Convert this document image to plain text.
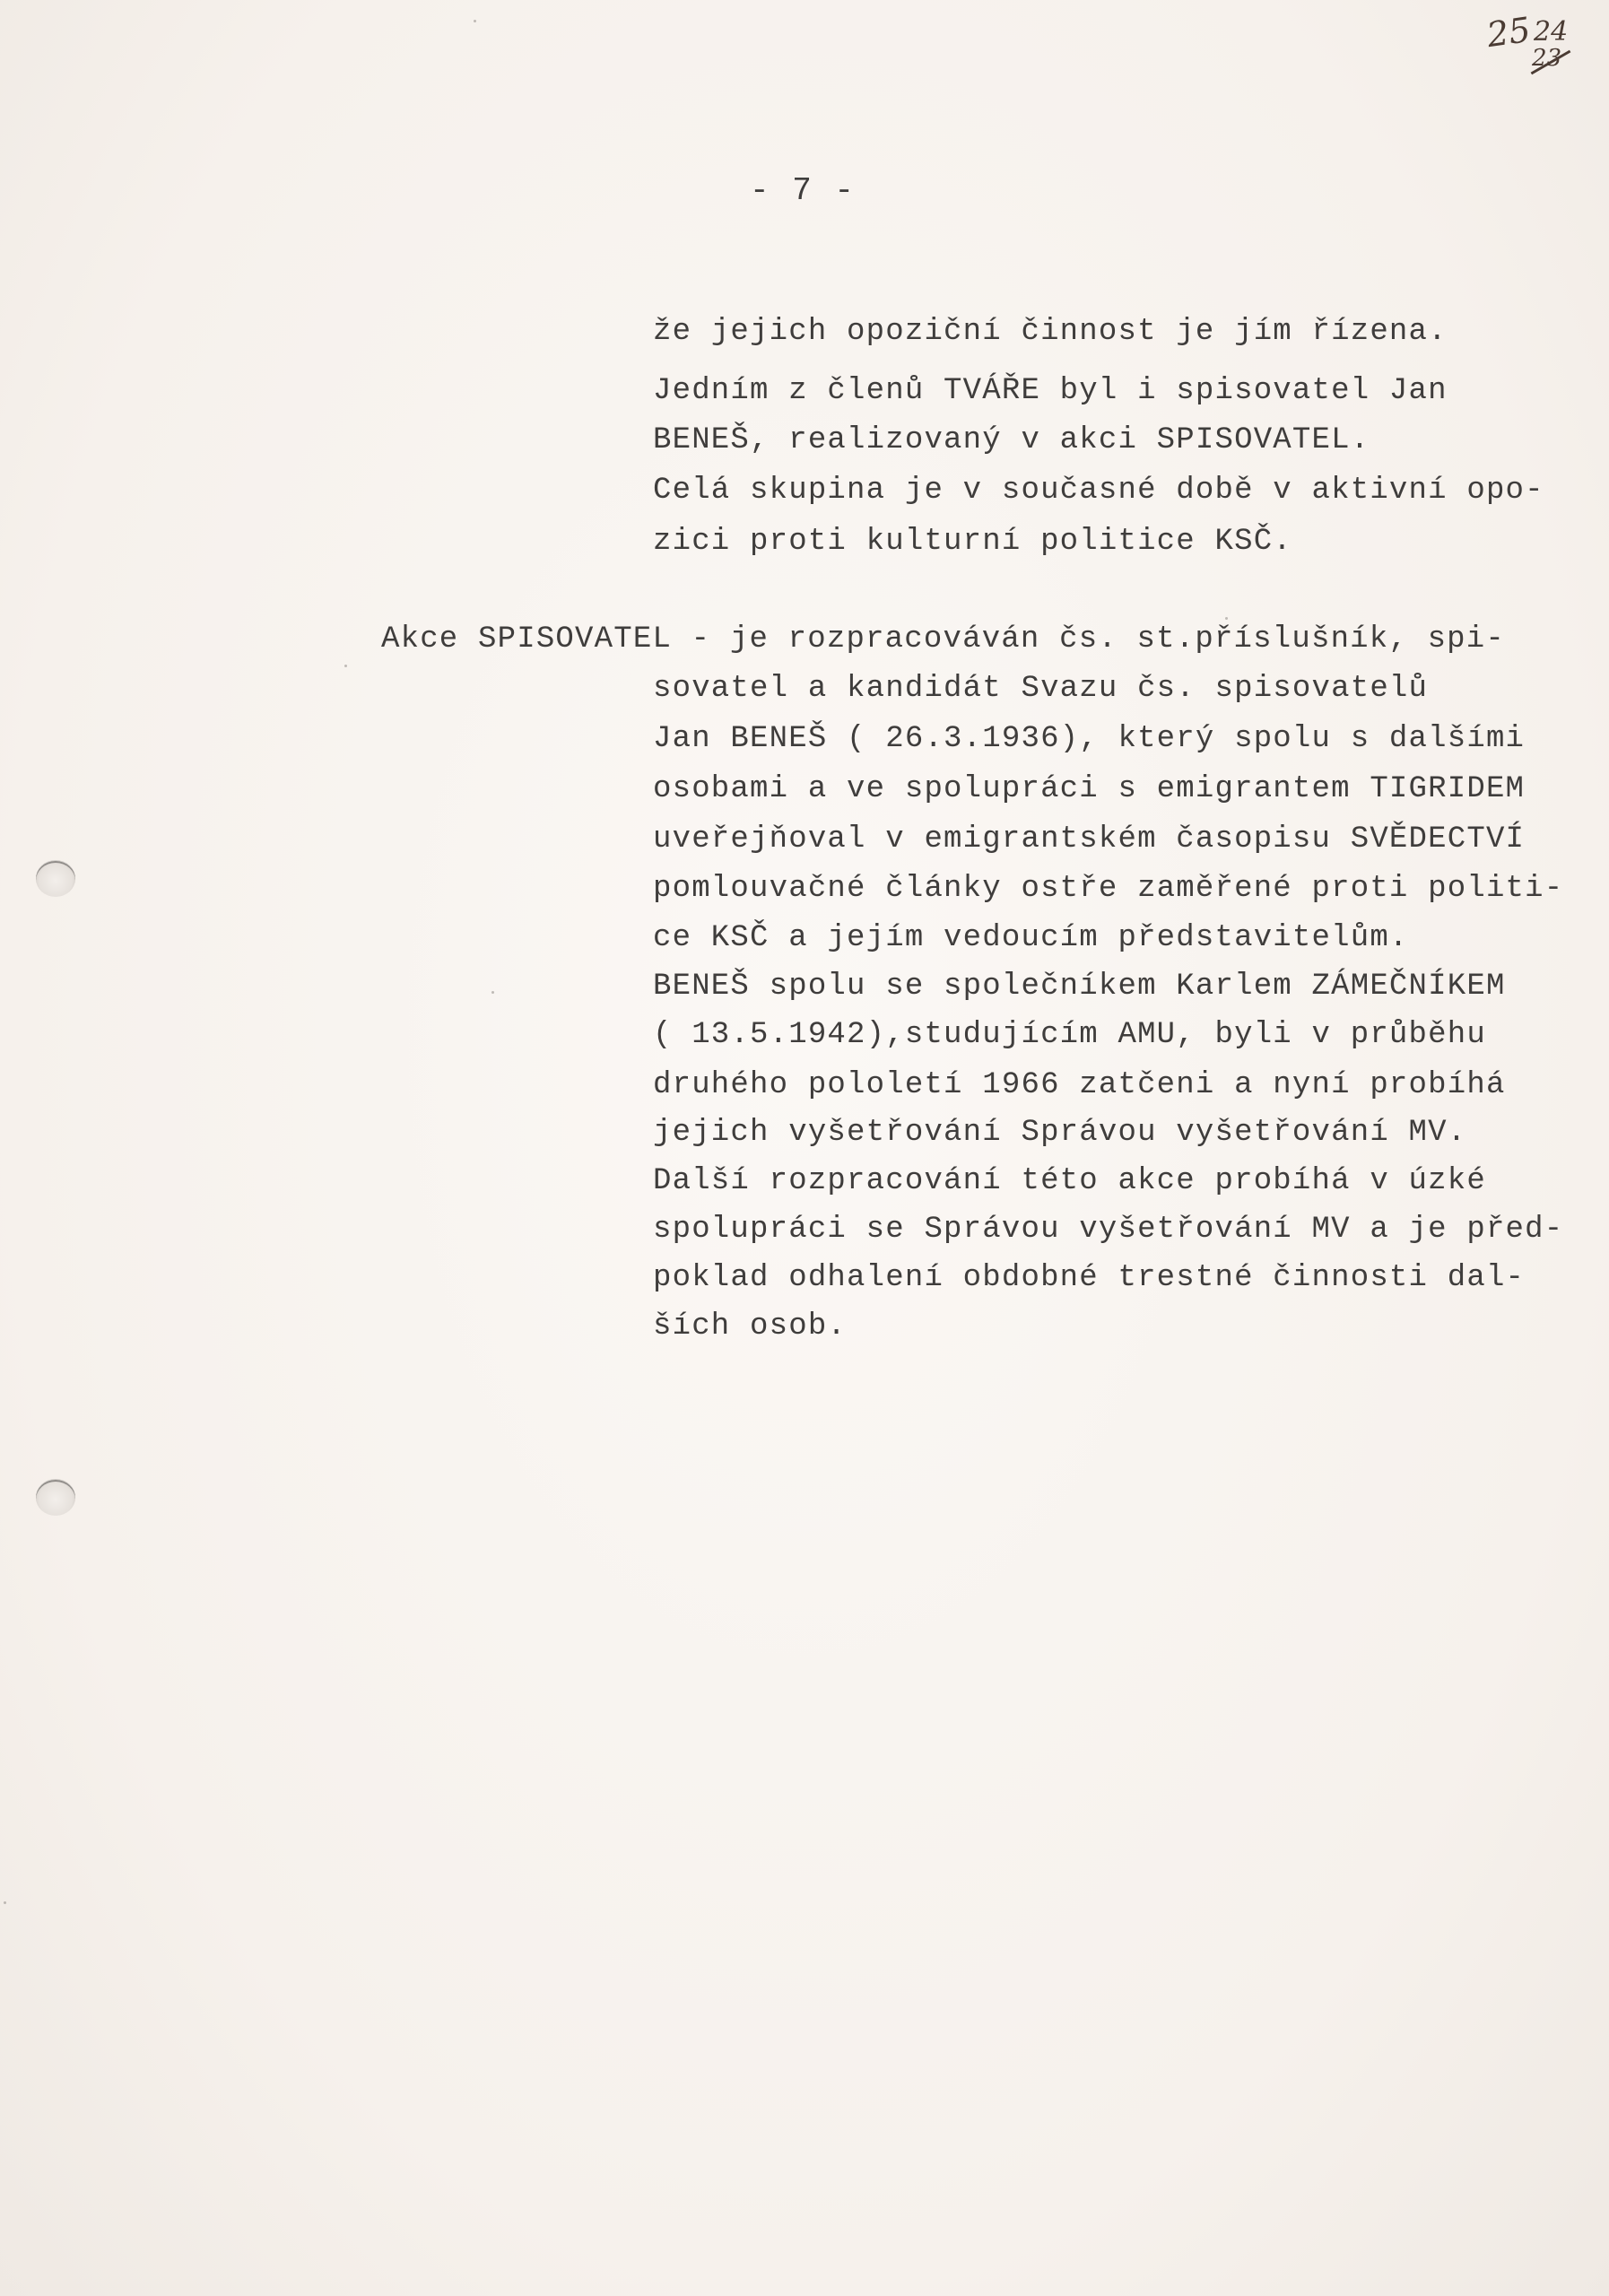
25 24
23
- 7 -
že jejich opoziční činnost je jím řízena.
Jedním z členů TVÁŘE byl i spisovatel Jan
BENEŠ, realizovaný v akci SPISOVATEL.
Celá skupina je v současné době v aktivní opo-
zici proti kulturní politice KSČ.
Akce SPISOVATEL - je rozpracováván čs. st.příslušník, spi-
sovatel a kandidát Svazu čs. spisovatelů
Jan BENEŠ ( 26.3.1936), který spolu s dalšími
osobami a ve spolupráci s emigrantem TIGRIDEM
uveřejňoval v emigrantském časopisu SVĚDECTVÍ
pomlouvačné články ostře zaměřené proti politi-
ce KSČ a jejím vedoucím představitelům.
BENEŠ spolu se společníkem Karlem ZÁMEČNÍKEM
( 13.5.1942),studujícím AMU, byli v průběhu
druhého pololetí 1966 zatčeni a nyní probíhá
jejich vyšetřování Správou vyšetřování MV.
Další rozpracování této akce probíhá v úzké
spolupráci se Správou vyšetřování MV a je před-
poklad odhalení obdobné trestné činnosti dal-
ších osob.
